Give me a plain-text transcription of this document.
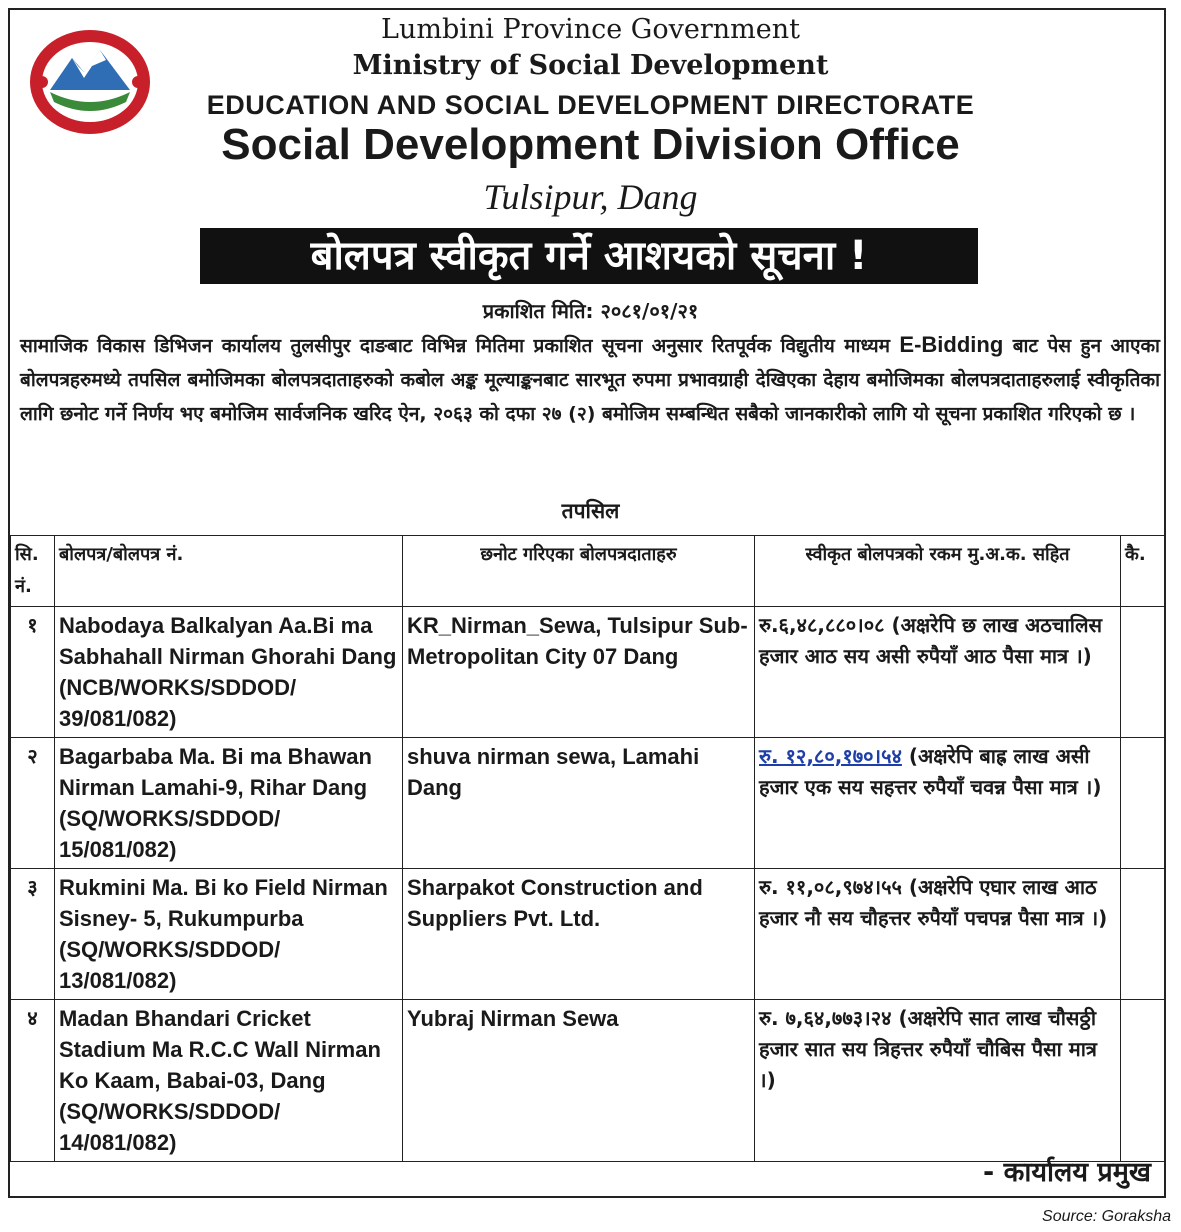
Lumbini Province Government
Ministry of Social Development
EDUCATION AND SOCIAL DEVELOPMENT DIRECTORATE
Social Development Division Office
Tulsipur, Dang
बोलपत्र स्वीकृत गर्ने आशयको सूचना !
प्रकाशित मिति: २०८१/०१/२१
सामाजिक विकास डिभिजन कार्यालय तुलसीपुर दाङबाट विभिन्न मितिमा प्रकाशित सूचना अनुसार रितपूर्वक विद्युतीय माध्यम E-Bidding बाट पेस हुन आएका बोलपत्रहरुमध्ये तपसिल बमोजिमका बोलपत्रदाताहरुको कबोल अङ्क मूल्याङ्कनबाट सारभूत रुपमा प्रभावग्राही देखिएका देहाय बमोजिमका बोलपत्रदाताहरुलाई स्वीकृतिका लागि छनोट गर्ने निर्णय भए बमोजिम सार्वजनिक खरिद ऐन, २०६३ को दफा २७ (२) बमोजिम सम्बन्धित सबैको जानकारीको लागि यो सूचना प्रकाशित गरिएको छ ।
तपसिल
सि. नं.	बोलपत्र/बोलपत्र नं.	छनोट गरिएका बोलपत्रदाताहरु	स्वीकृत बोलपत्रको रकम मु.अ.क. सहित	कै.
१	Nabodaya Balkalyan Aa.Bi ma Sabhahall Nirman Ghorahi Dang (NCB/WORKS/SDDOD/ 39/081/082)	KR_Nirman_Sewa, Tulsipur Sub- Metropolitan City 07 Dang	रु.६,४८,८८०।०८ (अक्षरेपि छ लाख अठचालिस हजार आठ सय असी रुपैयाँ आठ पैसा मात्र ।)	
२	Bagarbaba Ma. Bi ma Bhawan Nirman Lamahi-9, Rihar Dang (SQ/WORKS/SDDOD/ 15/081/082)	shuva nirman sewa, Lamahi Dang	रु. १२,८०,१७०।५४ (अक्षरेपि बाह्र लाख असी हजार एक सय सहत्तर रुपैयाँ चवन्न पैसा मात्र ।)	
३	Rukmini Ma. Bi ko Field Nirman Sisney- 5, Rukumpurba (SQ/WORKS/SDDOD/ 13/081/082)	Sharpakot Construction and Suppliers Pvt. Ltd.	रु. ११,०८,९७४।५५ (अक्षरेपि एघार लाख आठ हजार नौ सय चौहत्तर रुपैयाँ पचपन्न पैसा मात्र ।)	
४	Madan Bhandari Cricket Stadium Ma R.C.C Wall Nirman Ko Kaam, Babai-03, Dang (SQ/WORKS/SDDOD/ 14/081/082)	Yubraj Nirman Sewa	रु. ७,६४,७७३।२४ (अक्षरेपि सात लाख चौसठ्ठी हजार सात सय त्रिहत्तर रुपैयाँ चौबिस पैसा मात्र ।)	
- कार्यालय प्रमुख
Source: Goraksha
